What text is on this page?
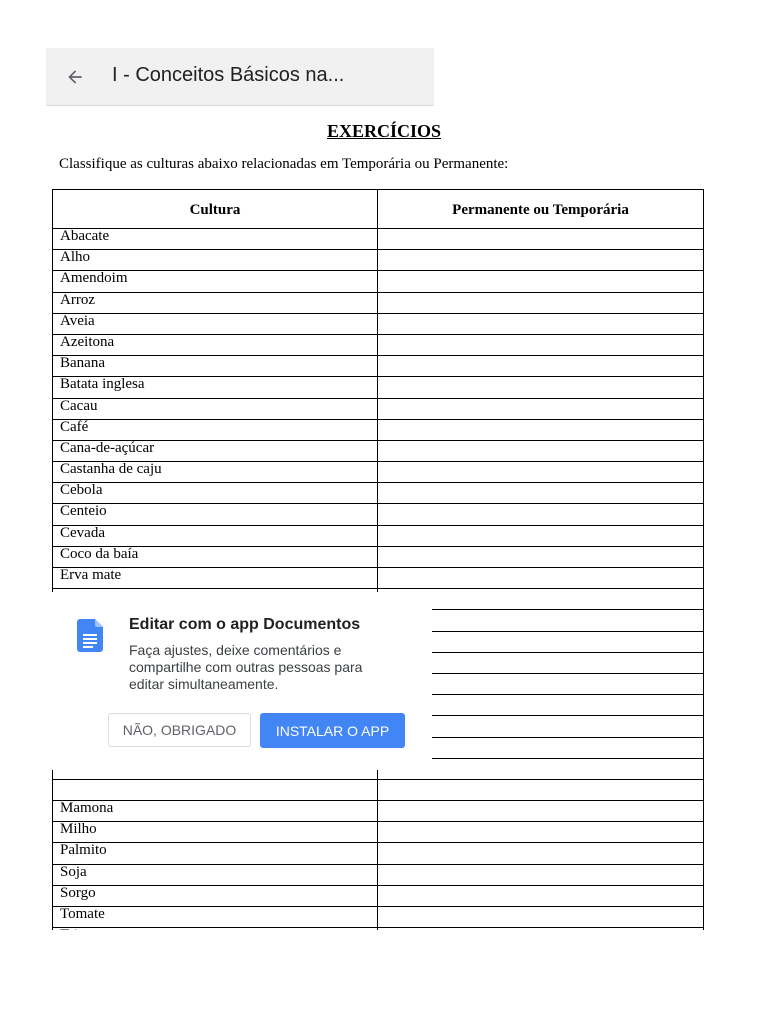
I - Conceitos Básicos na...
EXERCÍCIOS
Classifique as culturas abaixo relacionadas em Temporária ou Permanente:
Cultura	Permanente ou Temporária
Abacate	
Alho	
Amendoim	
Arroz	
Aveia	
Azeitona	
Banana	
Batata inglesa	
Cacau	
Café	
Cana-de-açúcar	
Castanha de caju	
Cebola	
Centeio	
Cevada	
Coco da baía	
Erva mate	

Mamona	
Milho	
Palmito	
Soja	
Sorgo	
Tomate	

Editar com o app Documentos
Faça ajustes, deixe comentários e compartilhe com outras pessoas para editar simultaneamente.
NÃO, OBRIGADO	INSTALAR O APP
